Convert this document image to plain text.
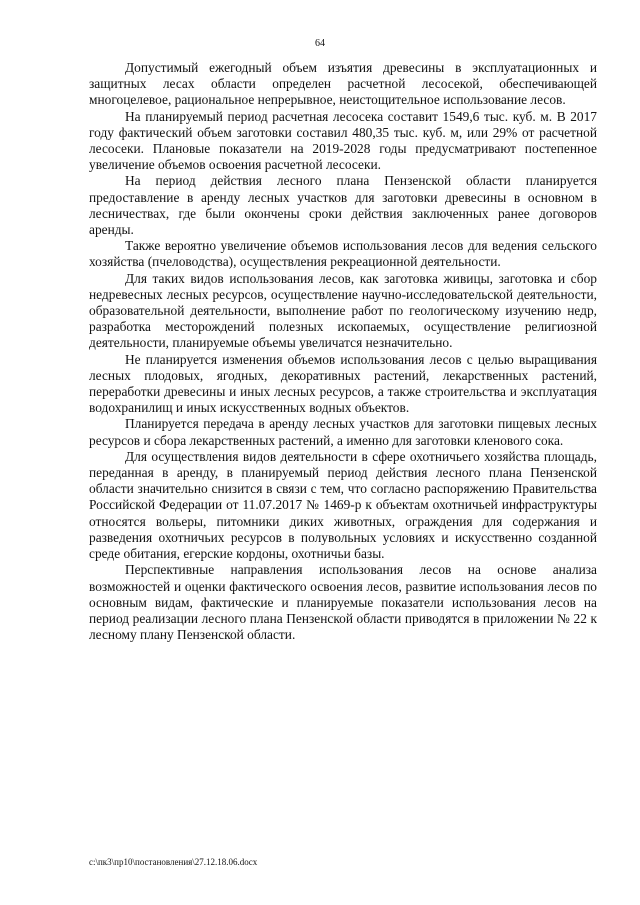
64

Допустимый ежегодный объем изъятия древесины в эксплуатационных и защитных лесах области определен расчетной лесосекой, обеспечивающей многоцелевое, рациональное непрерывное, неистощительное использование лесов.

На планируемый период расчетная лесосека составит 1549,6 тыс. куб. м. В 2017 году фактический объем заготовки составил 480,35 тыс. куб. м, или 29% от расчетной лесосеки. Плановые показатели на 2019-2028 годы предусматривают постепенное увеличение объемов освоения расчетной лесосеки.

На период действия лесного плана Пензенской области планируется предоставление в аренду лесных участков для заготовки древесины в основном в лесничествах, где были окончены сроки действия заключенных ранее договоров аренды.

Также вероятно увеличение объемов использования лесов для ведения сельского хозяйства (пчеловодства), осуществления рекреационной деятельности.

Для таких видов использования лесов, как заготовка живицы, заготовка и сбор недревесных лесных ресурсов, осуществление научно-исследовательской деятельности, образовательной деятельности, выполнение работ по геологическому изучению недр, разработка месторождений полезных ископаемых, осуществление религиозной деятельности, планируемые объемы увеличатся незначительно.

Не планируется изменения объемов использования лесов с целью выращивания лесных плодовых, ягодных, декоративных растений, лекарственных растений, переработки древесины и иных лесных ресурсов, а также строительства и эксплуатация водохранилищ и иных искусственных водных объектов.

Планируется передача в аренду лесных участков для заготовки пищевых лесных ресурсов и сбора лекарственных растений, а именно для заготовки кленового сока.

Для осуществления видов деятельности в сфере охотничьего хозяйства площадь, переданная в аренду, в планируемый период действия лесного плана Пензенской области значительно снизится в связи с тем, что согласно распоряжению Правительства Российской Федерации от 11.07.2017 № 1469-р к объектам охотничьей инфраструктуры относятся вольеры, питомники диких животных, ограждения для содержания и разведения охотничьих ресурсов в полувольных условиях и искусственно созданной среде обитания, егерские кордоны, охотничьи базы.

Перспективные направления использования лесов на основе анализа возможностей и оценки фактического освоения лесов, развитие использования лесов по основным видам, фактические и планируемые показатели использования лесов на период реализации лесного плана Пензенской области приводятся в приложении № 22 к лесному плану Пензенской области.

c:\пк3\пр10\постановления\27.12.18.06.docx
